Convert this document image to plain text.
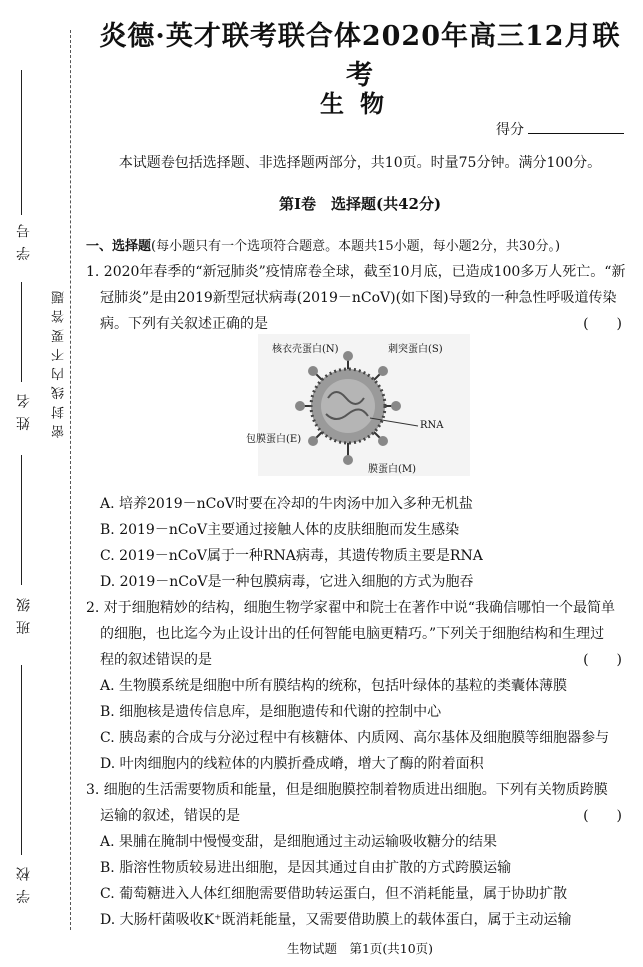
学 号
姓 名
班 级
学 校
密 封 线 内 不 要 答 题
炎德·英才联考联合体2020年高三12月联考
生物
得分
本试题卷包括选择题、非选择题两部分，共10页。时量75分钟。满分100分。
第Ⅰ卷　选择题(共42分)
一、选择题(每小题只有一个选项符合题意。本题共15小题，每小题2分，共30分。)
1. 2020年春季的“新冠肺炎”疫情席卷全球，截至10月底，已造成100多万人死亡。“新
冠肺炎”是由2019新型冠状病毒(2019－nCoV)(如下图)导致的一种急性呼吸道传染
病。下列有关叙述正确的是	(　　)
核衣壳蛋白(N)	刺突蛋白(S)
RNA
包膜蛋白(E)
膜蛋白(M)
A. 培养2019－nCoV时要在冷却的牛肉汤中加入多种无机盐
B. 2019－nCoV主要通过接触人体的皮肤细胞而发生感染
C. 2019－nCoV属于一种RNA病毒，其遗传物质主要是RNA
D. 2019－nCoV是一种包膜病毒，它进入细胞的方式为胞吞
2. 对于细胞精妙的结构，细胞生物学家翟中和院士在著作中说“我确信哪怕一个最简单
的细胞，也比迄今为止设计出的任何智能电脑更精巧。”下列关于细胞结构和生理过
程的叙述错误的是	(　　)
A. 生物膜系统是细胞中所有膜结构的统称，包括叶绿体的基粒的类囊体薄膜
B. 细胞核是遗传信息库，是细胞遗传和代谢的控制中心
C. 胰岛素的合成与分泌过程中有核糖体、内质网、高尔基体及细胞膜等细胞器参与
D. 叶肉细胞内的线粒体的内膜折叠成嵴，增大了酶的附着面积
3. 细胞的生活需要物质和能量，但是细胞膜控制着物质进出细胞。下列有关物质跨膜
运输的叙述，错误的是	(　　)
A. 果脯在腌制中慢慢变甜，是细胞通过主动运输吸收糖分的结果
B. 脂溶性物质较易进出细胞，是因其通过自由扩散的方式跨膜运输
C. 葡萄糖进入人体红细胞需要借助转运蛋白，但不消耗能量，属于协助扩散
D. 大肠杆菌吸收K⁺既消耗能量，又需要借助膜上的载体蛋白，属于主动运输
生物试题　第1页(共10页)
